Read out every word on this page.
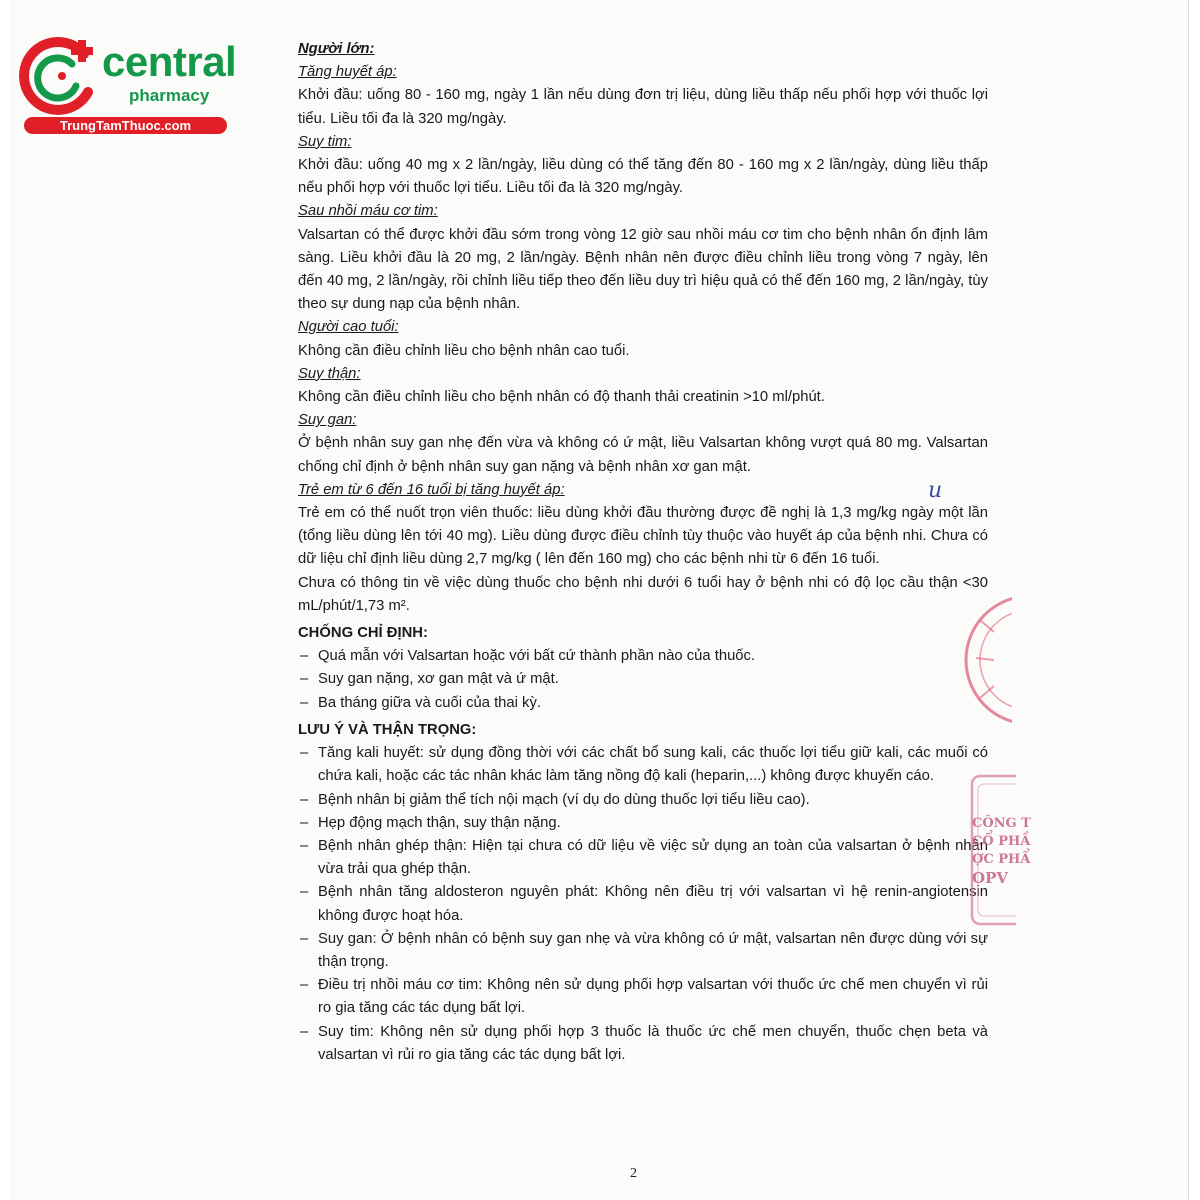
central
pharmacy
TrungTamThuoc.com

Người lớn:

Tăng huyết áp:

Khởi đầu: uống 80 - 160 mg, ngày 1 lần nếu dùng đơn trị liệu, dùng liều thấp nếu phối hợp với thuốc lợi tiểu. Liều tối đa là 320 mg/ngày.

Suy tim:

Khởi đầu: uống 40 mg x 2 lần/ngày, liều dùng có thể tăng đến 80 - 160 mg x 2 lần/ngày, dùng liều thấp nếu phối hợp với thuốc lợi tiểu. Liều tối đa là 320 mg/ngày.

Sau nhồi máu cơ tim:

Valsartan có thể được khởi đầu sớm trong vòng 12 giờ sau nhồi máu cơ tim cho bệnh nhân ổn định lâm sàng. Liều khởi đầu là 20 mg, 2 lần/ngày. Bệnh nhân nên được điều chỉnh liều trong vòng 7 ngày, lên đến 40 mg, 2 lần/ngày, rồi chỉnh liều tiếp theo đến liều duy trì hiệu quả có thể đến 160 mg, 2 lần/ngày, tùy theo sự dung nạp của bệnh nhân.

Người cao tuổi:

Không cần điều chỉnh liều cho bệnh nhân cao tuổi.

Suy thận:

Không cần điều chỉnh liều cho bệnh nhân có độ thanh thải creatinin >10 ml/phút.

Suy gan:

Ở bệnh nhân suy gan nhẹ đến vừa và không có ứ mật, liều Valsartan không vượt quá 80 mg. Valsartan chống chỉ định ở bệnh nhân suy gan nặng và bệnh nhân xơ gan mật.

Trẻ em từ 6 đến 16 tuổi bị tăng huyết áp:

Trẻ em có thể nuốt trọn viên thuốc: liều dùng khởi đầu thường được đề nghị là 1,3 mg/kg ngày một lần (tổng liều dùng lên tới 40 mg). Liều dùng được điều chỉnh tùy thuộc vào huyết áp của bệnh nhi. Chưa có dữ liệu chỉ định liều dùng 2,7 mg/kg ( lên đến 160 mg) cho các bệnh nhi từ 6 đến 16 tuổi.

Chưa có thông tin về việc dùng thuốc cho bệnh nhi dưới 6 tuổi hay ở bệnh nhi có độ lọc cầu thận <30 mL/phút/1,73 m².

CHỐNG CHỈ ĐỊNH:

– Quá mẫn với Valsartan hoặc với bất cứ thành phần nào của thuốc.
– Suy gan nặng, xơ gan mật và ứ mật.
– Ba tháng giữa và cuối của thai kỳ.

LƯU Ý VÀ THẬN TRỌNG:

– Tăng kali huyết: sử dụng đồng thời với các chất bổ sung kali, các thuốc lợi tiểu giữ kali, các muối có chứa kali, hoặc các tác nhân khác làm tăng nồng độ kali (heparin,...) không được khuyến cáo.
– Bệnh nhân bị giảm thể tích nội mạch (ví dụ do dùng thuốc lợi tiểu liều cao).
– Hẹp động mạch thận, suy thận nặng.
– Bệnh nhân ghép thận: Hiện tại chưa có dữ liệu về việc sử dụng an toàn của valsartan ở bệnh nhân vừa trải qua ghép thận.
– Bệnh nhân tăng aldosteron nguyên phát: Không nên điều trị với valsartan vì hệ renin-angiotensin không được hoạt hóa.
– Suy gan: Ở bệnh nhân có bệnh suy gan nhẹ và vừa không có ứ mật, valsartan nên được dùng với sự thận trọng.
– Điều trị nhồi máu cơ tim: Không nên sử dụng phối hợp valsartan với thuốc ức chế men chuyển vì rủi ro gia tăng các tác dụng bất lợi.
– Suy tim: Không nên sử dụng phối hợp 3 thuốc là thuốc ức chế men chuyển, thuốc chẹn beta và valsartan vì rủi ro gia tăng các tác dụng bất lợi.
u
CÔNG T
CỔ PHẦ
ỢC PHẨ
OPV
2
